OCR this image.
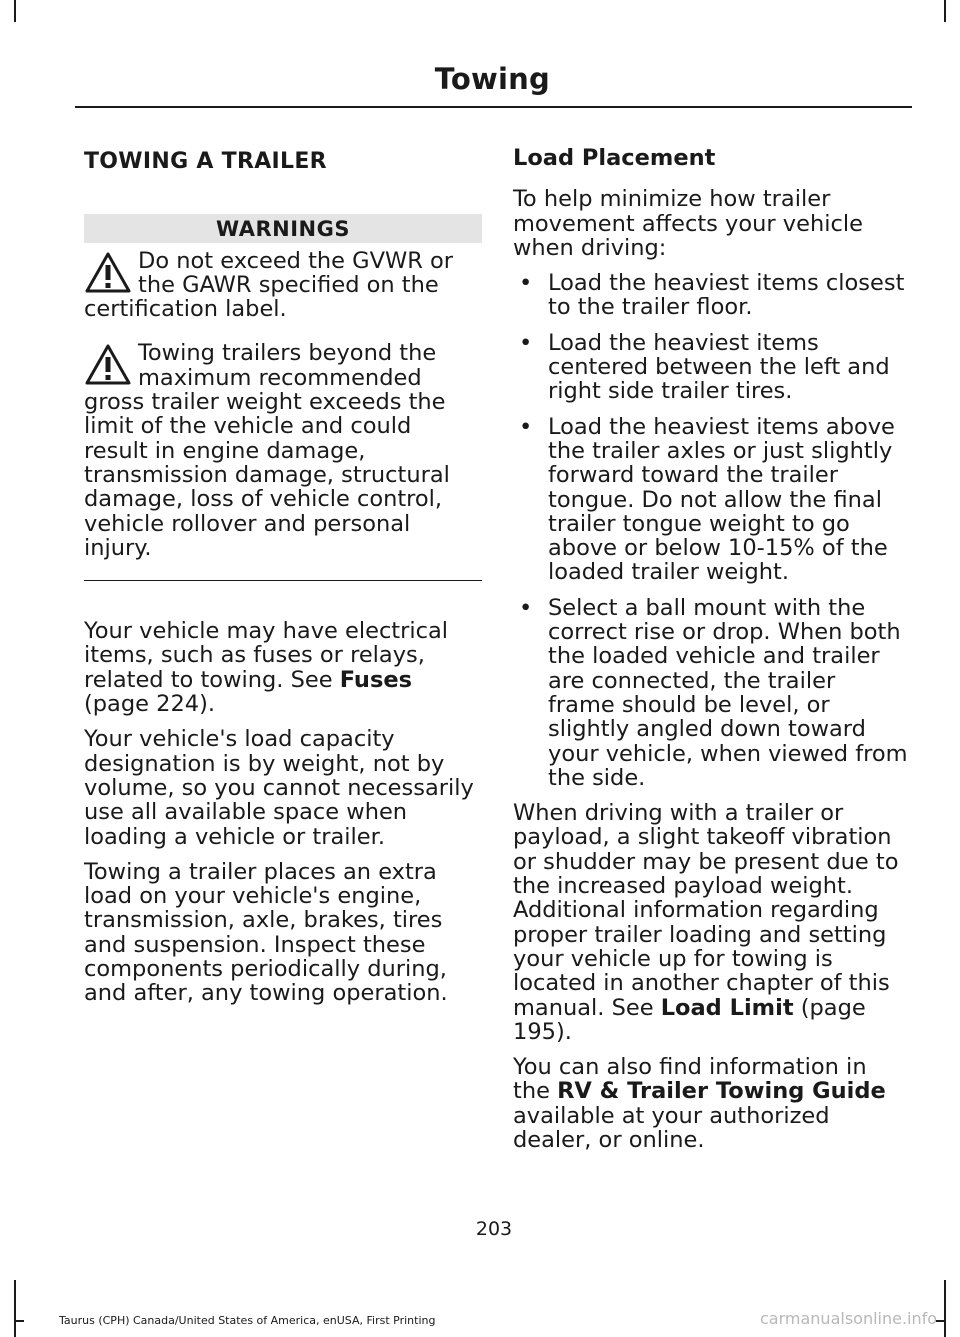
Towing
TOWING A TRAILER
WARNINGS
Do not exceed the GVWR or the GAWR specified on the certification label.
Towing trailers beyond the maximum recommended gross trailer weight exceeds the limit of the vehicle and could result in engine damage, transmission damage, structural damage, loss of vehicle control, vehicle rollover and personal injury.

Your vehicle may have electrical items, such as fuses or relays, related to towing. See Fuses (page 224).

Your vehicle's load capacity designation is by weight, not by volume, so you cannot necessarily use all available space when loading a vehicle or trailer.

Towing a trailer places an extra load on your vehicle's engine, transmission, axle, brakes, tires and suspension. Inspect these components periodically during, and after, any towing operation.

Load Placement

To help minimize how trailer movement affects your vehicle when driving:

• Load the heaviest items closest to the trailer floor.
• Load the heaviest items centered between the left and right side trailer tires.
• Load the heaviest items above the trailer axles or just slightly forward toward the trailer tongue. Do not allow the final trailer tongue weight to go above or below 10-15% of the loaded trailer weight.
• Select a ball mount with the correct rise or drop. When both the loaded vehicle and trailer are connected, the trailer frame should be level, or slightly angled down toward your vehicle, when viewed from the side.

When driving with a trailer or payload, a slight takeoff vibration or shudder may be present due to the increased payload weight. Additional information regarding proper trailer loading and setting your vehicle up for towing is located in another chapter of this manual. See Load Limit (page 195).

You can also find information in the RV & Trailer Towing Guide available at your authorized dealer, or online.

203
Taurus (CPH) Canada/United States of America, enUSA, First Printing	carmanualsonline.info
